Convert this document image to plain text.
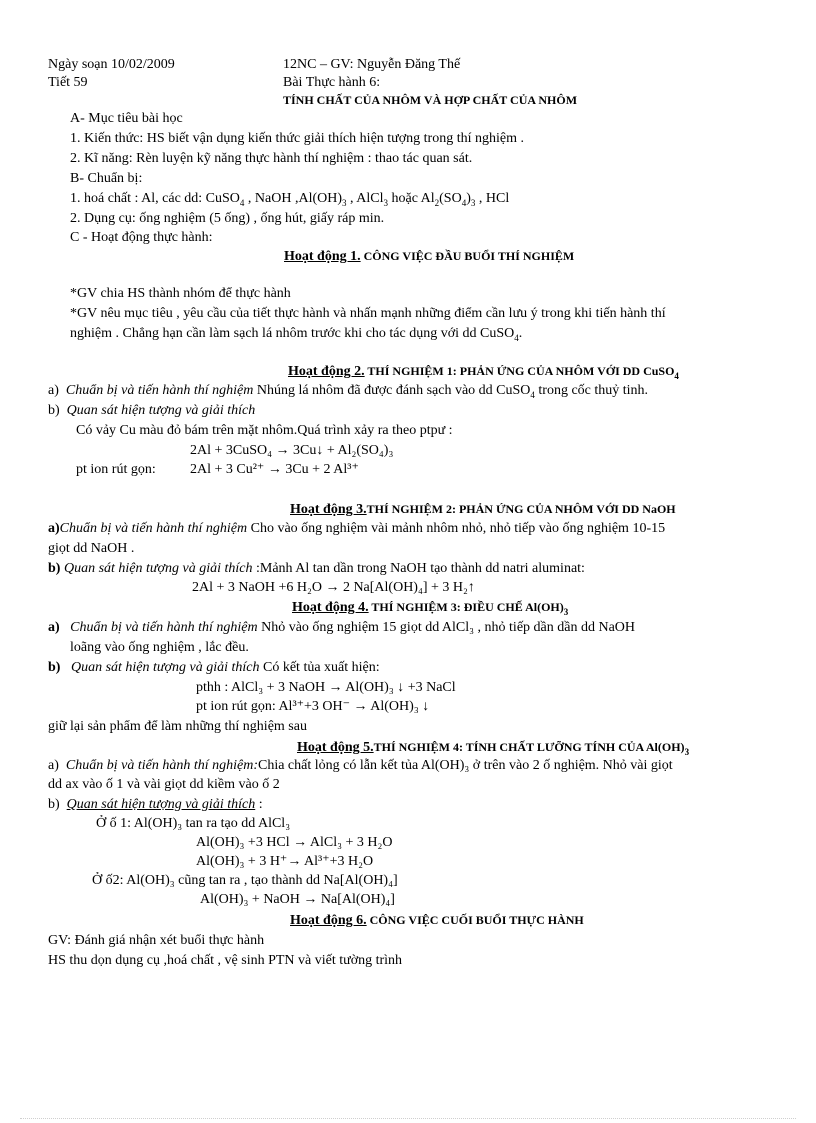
Ngày soạn 10/02/2009
Tiết 59
12NC – GV: Nguyễn Đăng Thế
Bài Thực hành 6:
TÍNH CHẤT CỦA NHÔM VÀ HỢP CHẤT CỦA NHÔM
A- Mục tiêu bài học
1. Kiến thức: HS biết vận dụng kiến thức giải thích hiện tượng trong thí nghiệm .
2. Kĩ năng: Rèn luyện kỹ năng thực hành thí nghiệm : thao tác quan sát.
B- Chuẩn bị:
1. hoá chất : Al, các dd: CuSO$_4$ , NaOH $,Al(OH)_3$ , AlCl$_3$ hoặc $Al_2(SO_4)_3$ , HCl
2. Dụng cụ: ống nghiệm (5 ống) , ống hút, giấy ráp min.
C - Hoạt động thực hành:
Hoạt động 1. CÔNG VIỆC ĐẦU BUỔI THÍ NGHIỆM
*GV chia HS thành nhóm để thực hành
*GV nêu mục tiêu , yêu cầu của tiết thực hành và nhấn mạnh những điểm cần lưu ý trong khi tiến hành thí
nghiệm . Chẳng hạn cần làm sạch lá nhôm trước khi cho tác dụng với dd CuSO$_4$.
Hoạt động 2. THÍ NGHIỆM 1: PHẢN ỨNG CỦA NHÔM VỚI DD CuSO$_4$
a) Chuẩn bị và tiến hành thí nghiệm Nhúng lá nhôm đã được đánh sạch vào dd CuSO$_4$ trong cốc thuỷ tinh.
b) Quan sát hiện tượng và giải thích
Có vảy Cu màu đỏ bám trên mặt nhôm.Quá trình xảy ra theo ptpư :
2Al + 3CuSO₄ → 3Cu↓ + Al₂(SO₄)₃
pt ion rút gọn: 2Al + 3 Cu²⁺ → 3Cu + 2 Al³⁺
Hoạt động 3.THÍ NGHIỆM 2: PHẢN ỨNG CỦA NHÔM VỚI DD NaOH
a)Chuẩn bị và tiến hành thí nghiệm Cho vào ống nghiệm vài mảnh nhôm nhỏ, nhỏ tiếp vào ống nghiệm 10-15
giọt dd NaOH .
b) Quan sát hiện tượng và giải thích :Mảnh Al tan dần trong NaOH tạo thành dd natri aluminat:
2Al + 3 NaOH +6 H₂O → 2 Na[Al(OH)₄] + 3 H₂↑
Hoạt động 4. THÍ NGHIỆM 3: ĐIỀU CHẾ $Al(OH)_3$
a) Chuẩn bị và tiến hành thí nghiệm Nhỏ vào ống nghiệm 15 giọt dd AlCl₃ , nhỏ tiếp dần dần dd NaOH
loãng vào ống nghiệm , lắc đều.
b) Quan sát hiện tượng và giải thích Có kết tủa xuất hiện:
pthh : AlCl₃ + 3 NaOH → Al(OH)₃ ↓ +3 NaCl
pt ion rút gọn: Al³⁺+3 OH⁻ → Al(OH)₃ ↓
giữ lại sản phẩm để làm những thí nghiệm sau
Hoạt động 5.THÍ NGHIỆM 4: TÍNH CHẤT LƯỠNG TÍNH CỦA $Al(OH)_3$
a) Chuẩn bị và tiến hành thí nghiệm:Chia chất lỏng có lẫn kết tủa Al(OH)₃ ở trên vào 2 ố nghiệm. Nhỏ vài giọt
dd ax vào ố 1 và vài giọt dd kiềm vào ố 2
b) Quan sát hiện tượng và giải thích :
Ở ố 1: Al(OH)₃ tan ra tạo dd AlCl₃
Al(OH)₃ +3 HCl → AlCl₃ + 3 H₂O
Al(OH)₃ + 3 H⁺→ Al³⁺+3 H₂O
Ở ố2: Al(OH)₃ cũng tan ra , tạo thành dd Na[Al(OH)₄]
Al(OH)₃ + NaOH → Na[Al(OH)₄]
Hoạt động 6. CÔNG VIỆC CUỐI BUỔI THỰC HÀNH
GV: Đánh giá nhận xét buổi thực hành
HS thu dọn dụng cụ ,hoá chất , vệ sinh PTN và viết tường trình
